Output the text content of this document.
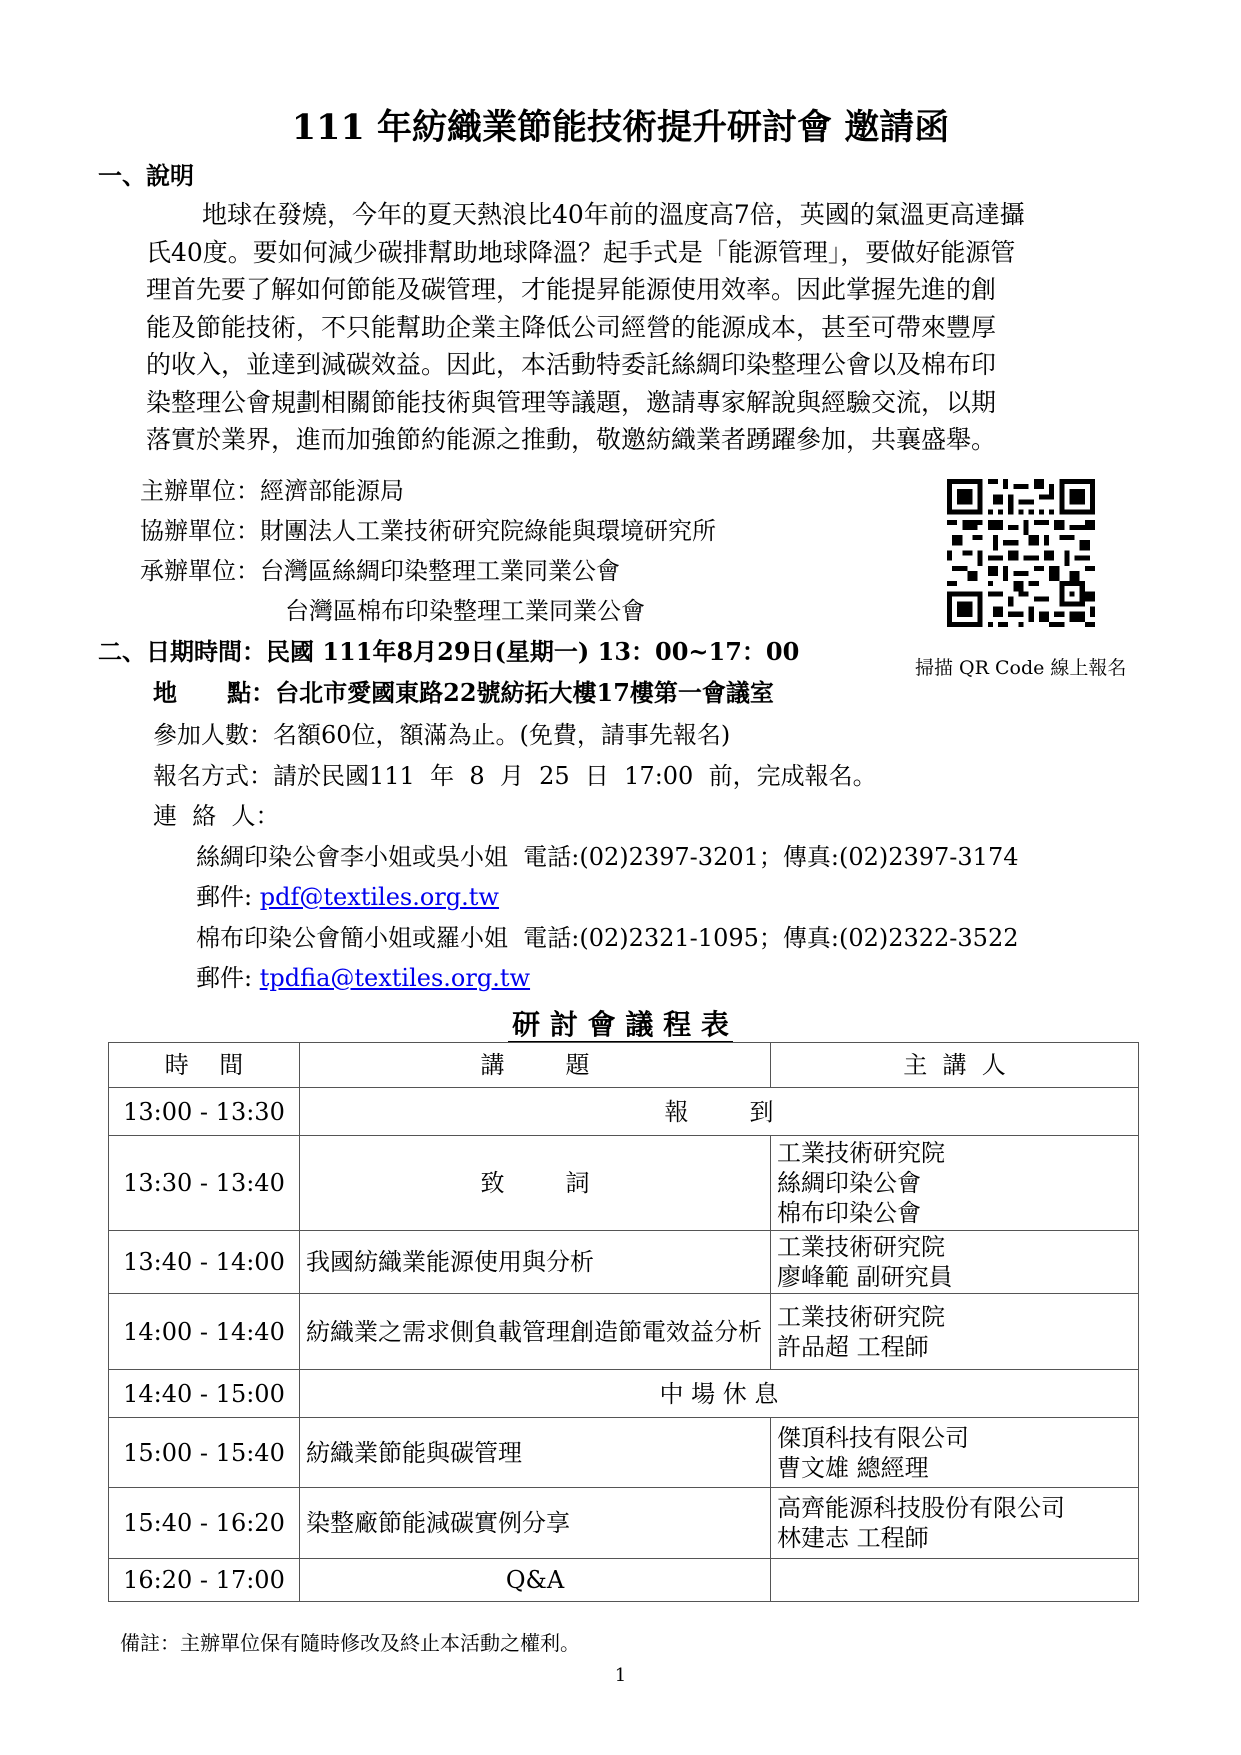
111 年紡織業節能技術提升研討會 邀請函
一、說明
地球在發燒，今年的夏天熱浪比40年前的溫度高7倍，英國的氣溫更高達攝
氏40度。要如何減少碳排幫助地球降溫？起手式是「能源管理」，要做好能源管
理首先要了解如何節能及碳管理，才能提昇能源使用效率。因此掌握先進的創
能及節能技術，不只能幫助企業主降低公司經營的能源成本，甚至可帶來豐厚
的收入，並達到減碳效益。因此，本活動特委託絲綢印染整理公會以及棉布印
染整理公會規劃相關節能技術與管理等議題，邀請專家解說與經驗交流，以期
落實於業界，進而加強節約能源之推動，敬邀紡織業者踴躍參加，共襄盛舉。
主辦單位：經濟部能源局
協辦單位：財團法人工業技術研究院綠能與環境研究所
承辦單位：台灣區絲綢印染整理工業同業公會
台灣區棉布印染整理工業同業公會
掃描 QR Code 線上報名
二、日期時間：民國 111年8月29日(星期一) 13：00~17：00
地      點：台北市愛國東路22號紡拓大樓17樓第一會議室
參加人數：名額60位，額滿為止。(免費，請事先報名)
報名方式：請於民國111  年  8  月  25  日  17:00  前，完成報名。
連  絡  人：
絲綢印染公會李小姐或吳小姐  電話:(02)2397-3201；傳真:(02)2397-3174
郵件: pdf@textiles.org.tw
棉布印染公會簡小姐或羅小姐  電話:(02)2321-1095；傳真:(02)2322-3522
郵件: tpdfia@textiles.org.tw
研 討 會 議 程 表
時    間	講        題	主  講  人
13:00 - 13:30	報        到	
13:30 - 13:40	致        詞	工業技術研究院
絲綢印染公會
棉布印染公會
13:40 - 14:00	我國紡織業能源使用與分析	工業技術研究院
廖峰範 副研究員
14:00 - 14:40	紡織業之需求側負載管理創造節電效益分析	工業技術研究院
許品超 工程師
14:40 - 15:00	中 場 休 息	
15:00 - 15:40	紡織業節能與碳管理	傑頂科技有限公司
曹文雄 總經理
15:40 - 16:20	染整廠節能減碳實例分享	高齊能源科技股份有限公司
林建志 工程師
16:20 - 17:00	Q&A	
備註：主辦單位保有隨時修改及終止本活動之權利。
1
